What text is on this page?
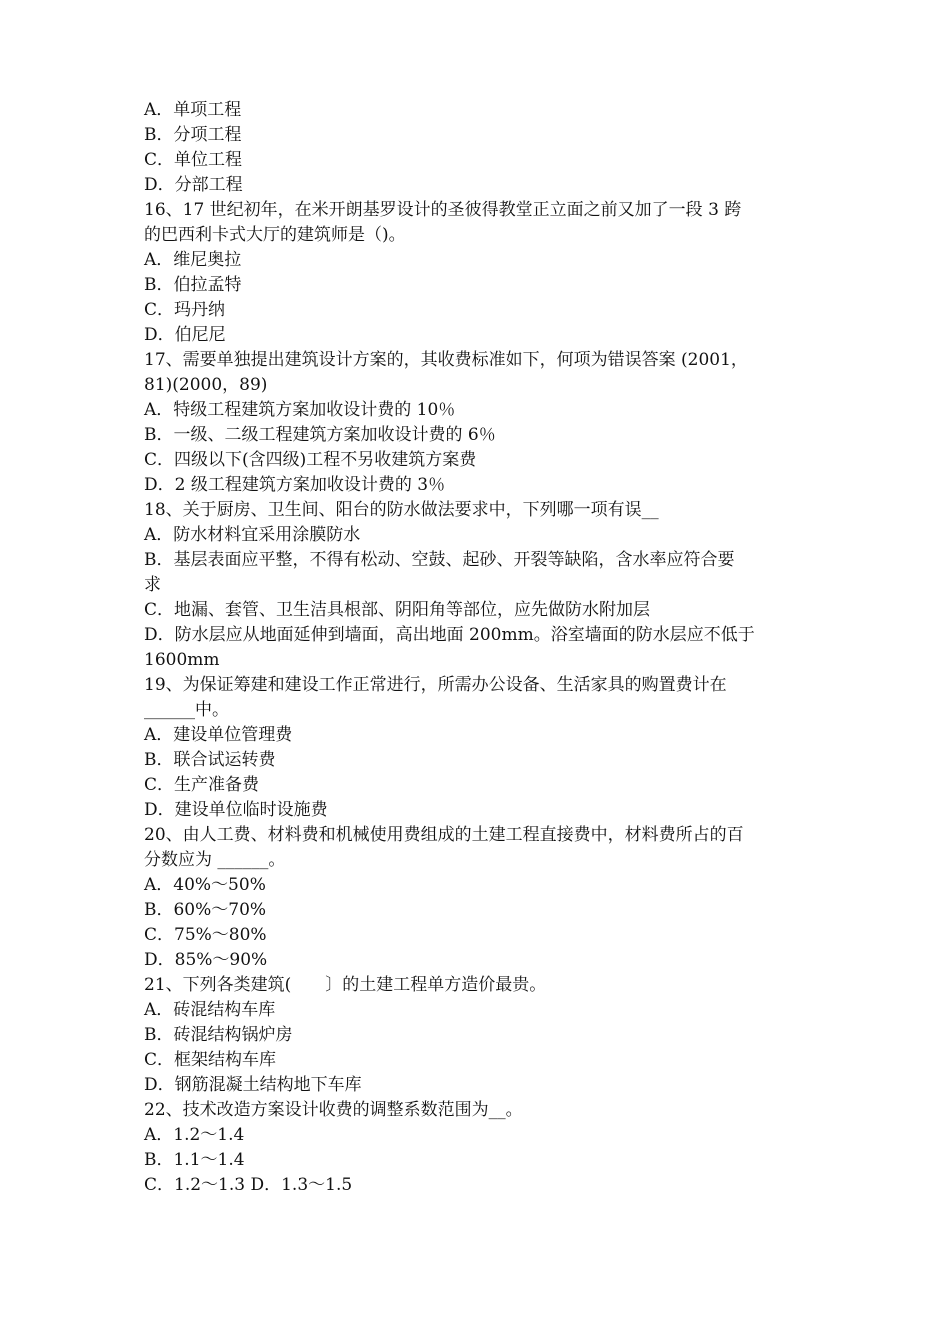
A．单项工程

B．分项工程

C．单位工程

D．分部工程

16、17 世纪初年，在米开朗基罗设计的圣彼得教堂正立面之前又加了一段 3 跨

的巴西利卡式大厅的建筑师是（)。

A．维尼奥拉

B．伯拉孟特

C．玛丹纳

D．伯尼尼

17、需要单独提出建筑设计方案的，其收费标准如下，何项为错误答案 (2001，

81)(2000，89)

A．特级工程建筑方案加收设计费的 10％

B．一级、二级工程建筑方案加收设计费的 6％

C．四级以下(含四级)工程不另收建筑方案费

D．2 级工程建筑方案加收设计费的 3％

18、关于厨房、卫生间、阳台的防水做法要求中，下列哪一项有误__

A．防水材料宜采用涂膜防水

B．基层表面应平整，不得有松动、空鼓、起砂、开裂等缺陷，含水率应符合要

求

C．地漏、套管、卫生洁具根部、阴阳角等部位，应先做防水附加层

D．防水层应从地面延伸到墙面，高出地面 200mm。浴室墙面的防水层应不低于

1600mm

19、为保证筹建和建设工作正常进行，所需办公设备、生活家具的购置费计在

______中。

A．建设单位管理费

B．联合试运转费

C．生产准备费

D．建设单位临时设施费

20、由人工费、材料费和机械使用费组成的土建工程直接费中，材料费所占的百

分数应为 ______。

A．40%～50%

B．60%～70%

C．75%～80%

D．85%～90%

21、下列各类建筑(　　〕的土建工程单方造价最贵。

A．砖混结构车库

B．砖混结构锅炉房

C．框架结构车库

D．钢筋混凝土结构地下车库

22、技术改造方案设计收费的调整系数范围为__。

A．1.2～1.4

B．1.1～1.4

C．1.2～1.3 D．1.3～1.5
